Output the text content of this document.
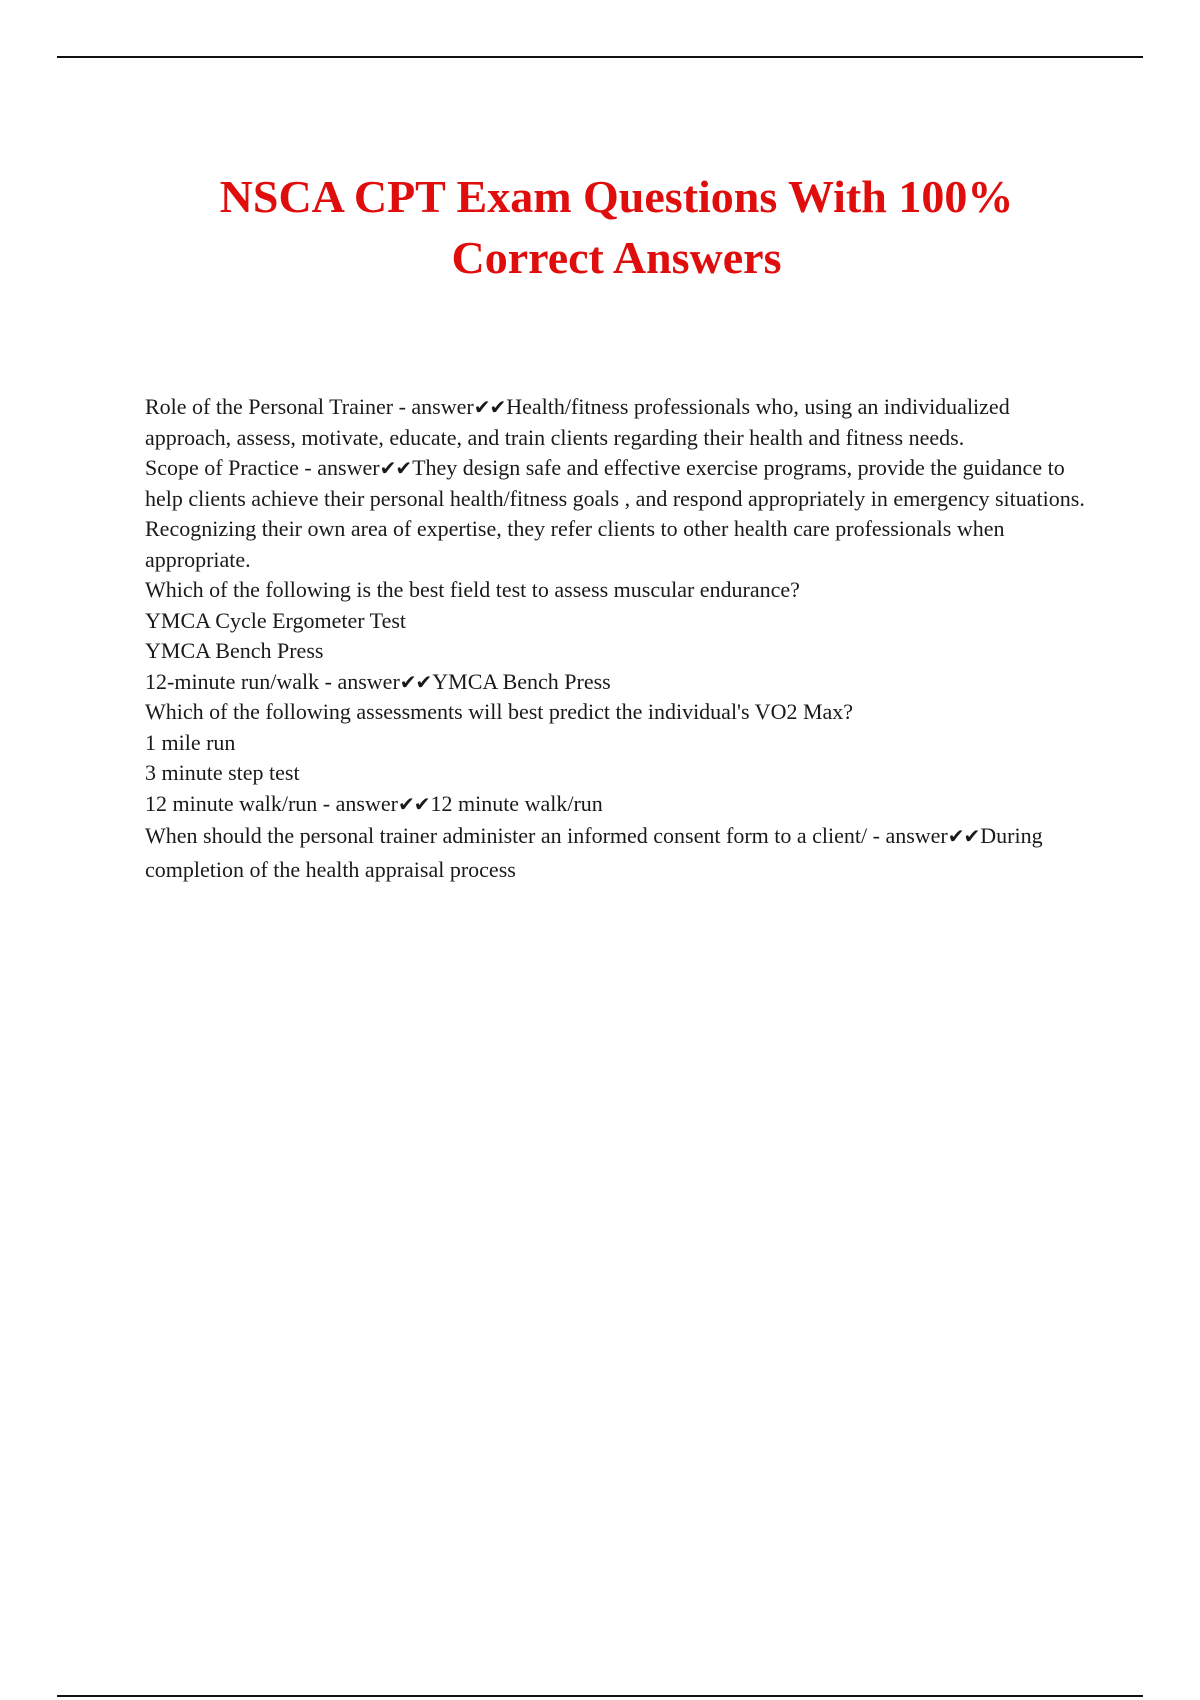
NSCA CPT Exam Questions With 100% Correct Answers

Role of the Personal Trainer - answer✔✔Health/fitness professionals who, using an individualized approach, assess, motivate, educate, and train clients regarding their health and fitness needs.

Scope of Practice - answer✔✔They design safe and effective exercise programs, provide the guidance to help clients achieve their personal health/fitness goals , and respond appropriately in emergency situations. Recognizing their own area of expertise, they refer clients to other health care professionals when appropriate.

Which of the following is the best field test to assess muscular endurance?

YMCA Cycle Ergometer Test

YMCA Bench Press

12-minute run/walk - answer✔✔YMCA Bench Press

Which of the following assessments will best predict the individual's VO2 Max?

1 mile run

3 minute step test

12 minute walk/run - answer✔✔12 minute walk/run

When should the personal trainer administer an informed consent form to a client/ - answer✔✔During completion of the health appraisal process
